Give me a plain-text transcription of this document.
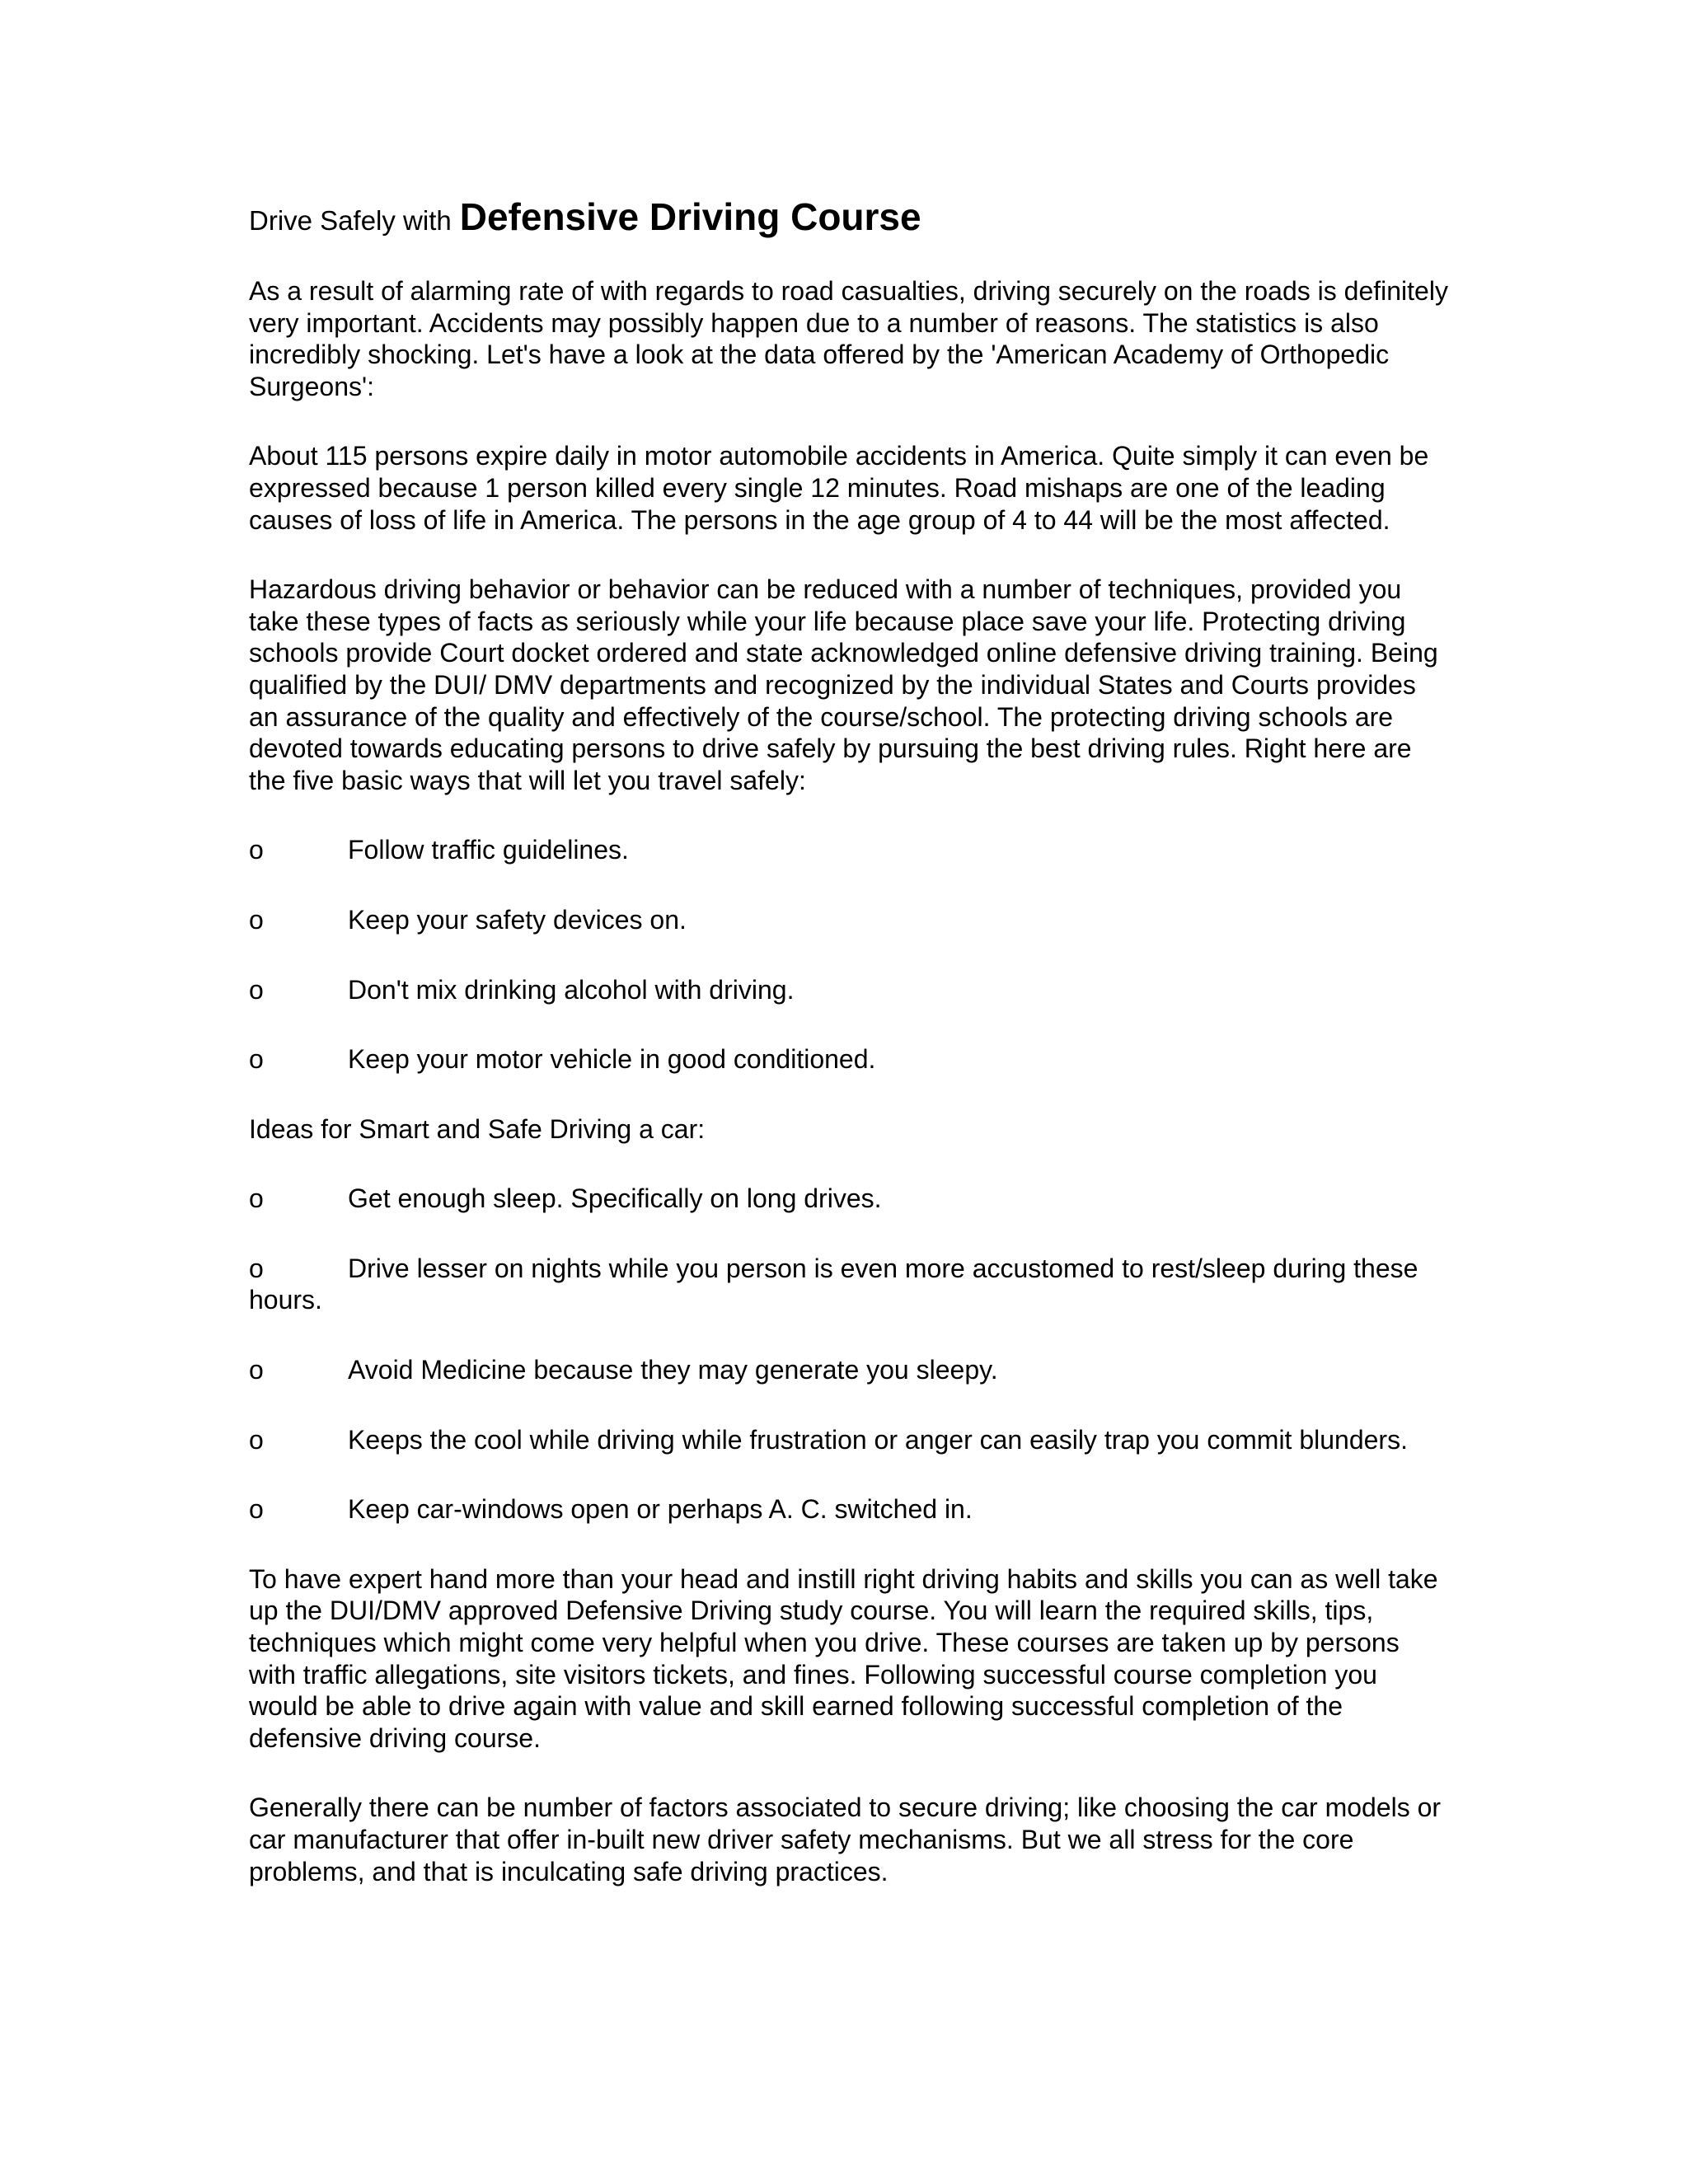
Drive Safely with Defensive Driving Course

As a result of alarming rate of with regards to road casualties, driving securely on the roads is definitely very important. Accidents may possibly happen due to a number of reasons. The statistics is also incredibly shocking. Let's have a look at the data offered by the 'American Academy of Orthopedic Surgeons':

About 115 persons expire daily in motor automobile accidents in America. Quite simply it can even be expressed because 1 person killed every single 12 minutes. Road mishaps are one of the leading causes of loss of life in America. The persons in the age group of 4 to 44 will be the most affected.

Hazardous driving behavior or behavior can be reduced with a number of techniques, provided you take these types of facts as seriously while your life because place save your life. Protecting driving schools provide Court docket ordered and state acknowledged online defensive driving training. Being qualified by the DUI/ DMV departments and recognized by the individual States and Courts provides an assurance of the quality and effectively of the course/school. The protecting driving schools are devoted towards educating persons to drive safely by pursuing the best driving rules. Right here are the five basic ways that will let you travel safely:

o	Follow traffic guidelines.
o	Keep your safety devices on.
o	Don't mix drinking alcohol with driving.
o	Keep your motor vehicle in good conditioned.

Ideas for Smart and Safe Driving a car:

o	Get enough sleep. Specifically on long drives.
o	Drive lesser on nights while you person is even more accustomed to rest/sleep during these hours.
o	Avoid Medicine because they may generate you sleepy.
o	Keeps the cool while driving while frustration or anger can easily trap you commit blunders.
o	Keep car-windows open or perhaps A. C. switched in.

To have expert hand more than your head and instill right driving habits and skills you can as well take up the DUI/DMV approved Defensive Driving study course. You will learn the required skills, tips, techniques which might come very helpful when you drive. These courses are taken up by persons with traffic allegations, site visitors tickets, and fines. Following successful course completion you would be able to drive again with value and skill earned following successful completion of the defensive driving course.

Generally there can be number of factors associated to secure driving; like choosing the car models or car manufacturer that offer in-built new driver safety mechanisms. But we all stress for the core problems, and that is inculcating safe driving practices.
